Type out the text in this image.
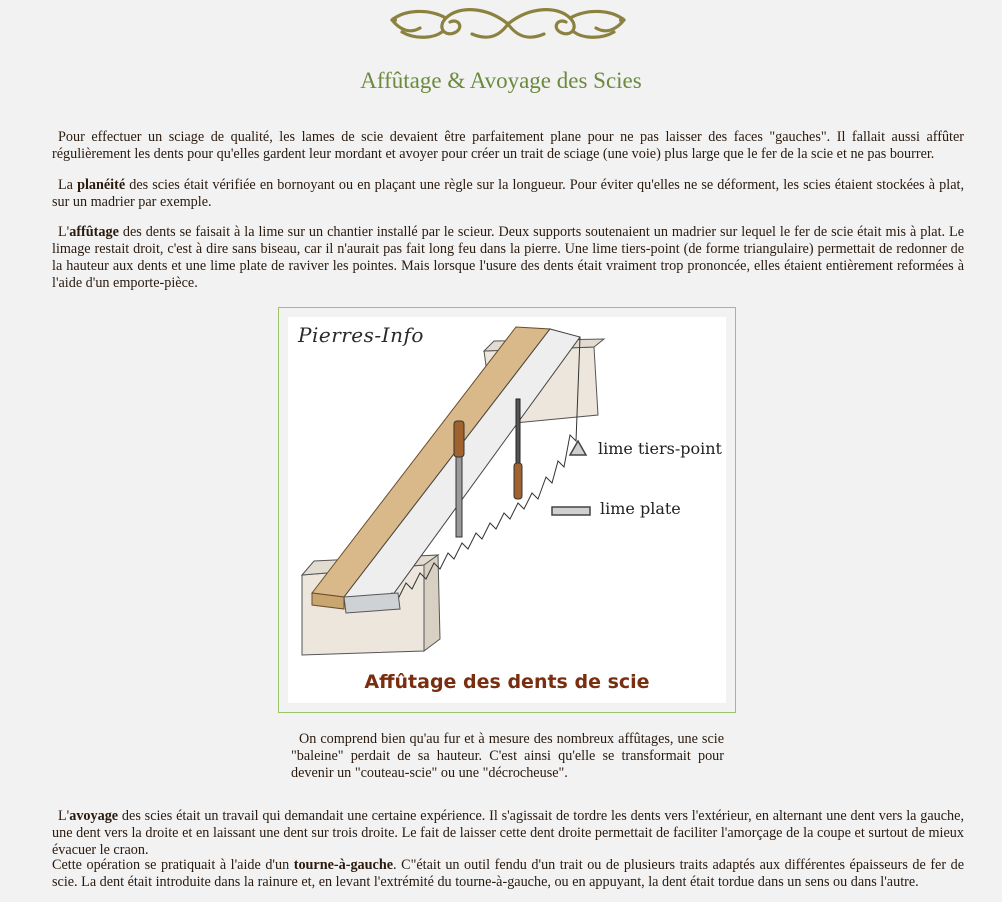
Affûtage & Avoyage des Scies

Pour effectuer un sciage de qualité, les lames de scie devaient être parfaitement plane pour ne pas laisser des faces "gauches". Il fallait aussi affûter régulièrement les dents pour qu'elles gardent leur mordant et avoyer pour créer un trait de sciage (une voie) plus large que le fer de la scie et ne pas bourrer.

La planéité des scies était vérifiée en bornoyant ou en plaçant une règle sur la longueur. Pour éviter qu'elles ne se déforment, les scies étaient stockées à plat, sur un madrier par exemple.

L'affûtage des dents se faisait à la lime sur un chantier installé par le scieur. Deux supports soutenaient un madrier sur lequel le fer de scie était mis à plat. Le limage restait droit, c'est à dire sans biseau, car il n'aurait pas fait long feu dans la pierre. Une lime tiers-point (de forme triangulaire) permettait de redonner de la hauteur aux dents et une lime plate de raviver les pointes. Mais lorsque l'usure des dents était vraiment trop prononcée, elles étaient entièrement reformées à l'aide d'un emporte-pièce.

Pierres-Info
lime tiers-point
lime plate
Affûtage des dents de scie

On comprend bien qu'au fur et à mesure des nombreux affûtages, une scie "baleine" perdait de sa hauteur. C'est ainsi qu'elle se transformait pour devenir un "couteau-scie" ou une "décrocheuse".

L'avoyage des scies était un travail qui demandait une certaine expérience. Il s'agissait de tordre les dents vers l'extérieur, en alternant une dent vers la gauche, une dent vers la droite et en laissant une dent sur trois droite. Le fait de laisser cette dent droite permettait de faciliter l'amorçage de la coupe et surtout de mieux évacuer le craon.

Cette opération se pratiquait à l'aide d'un tourne-à-gauche. C"était un outil fendu d'un trait ou de plusieurs traits adaptés aux différentes épaisseurs de fer de scie. La dent était introduite dans la rainure et, en levant l'extrémité du tourne-à-gauche, ou en appuyant, la dent était tordue dans un sens ou dans l'autre.
